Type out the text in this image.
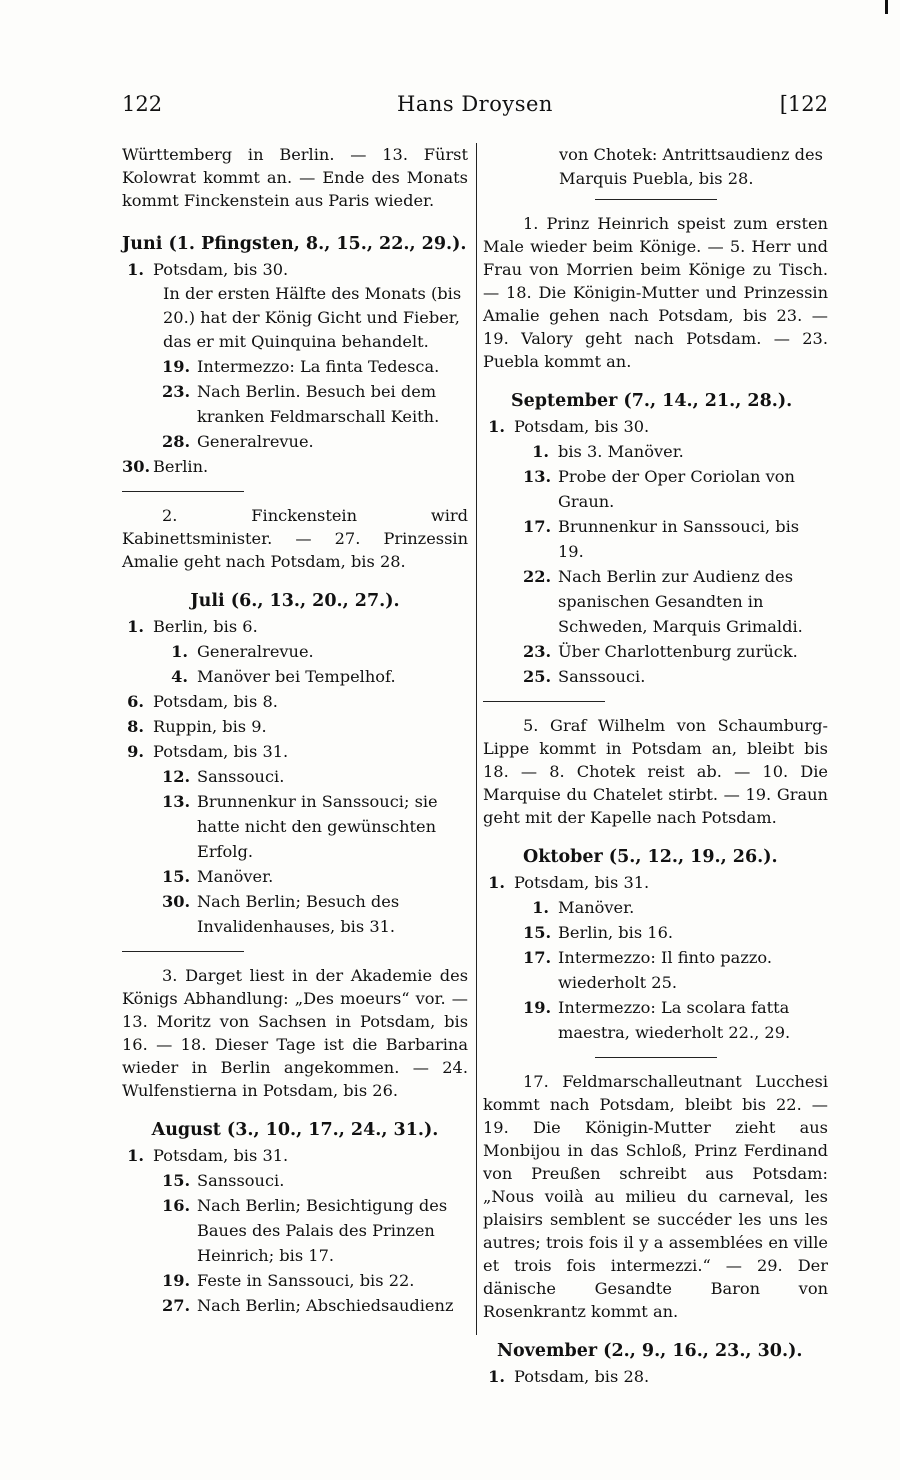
122	Hans Droysen	[122

Württemberg in Berlin. — 13. Fürst Kolowrat kommt an. — Ende des Monats kommt Finckenstein aus Paris wieder.

Juni (1. Pfingsten, 8., 15., 22., 29.).
1. Potsdam, bis 30.
In der ersten Hälfte des Monats (bis 20.) hat der König Gicht und Fieber, das er mit Quinquina behandelt.
19. Intermezzo: La finta Tedesca.
23. Nach Berlin. Besuch bei dem kranken Feldmarschall Keith.
28. Generalrevue.
30. Berlin.

2. Finckenstein wird Kabinettsminister. — 27. Prinzessin Amalie geht nach Potsdam, bis 28.

Juli (6., 13., 20., 27.).
1. Berlin, bis 6.
1. Generalrevue.
4. Manöver bei Tempelhof.
6. Potsdam, bis 8.
8. Ruppin, bis 9.
9. Potsdam, bis 31.
12. Sanssouci.
13. Brunnenkur in Sanssouci; sie hatte nicht den gewünschten Erfolg.
15. Manöver.
30. Nach Berlin; Besuch des Invalidenhauses, bis 31.

3. Darget liest in der Akademie des Königs Abhandlung: „Des moeurs“ vor. — 13. Moritz von Sachsen in Potsdam, bis 16. — 18. Dieser Tage ist die Barbarina wieder in Berlin angekommen. — 24. Wulfenstierna in Potsdam, bis 26.

August (3., 10., 17., 24., 31.).
1. Potsdam, bis 31.
15. Sanssouci.
16. Nach Berlin; Besichtigung des Baues des Palais des Prinzen Heinrich; bis 17.
19. Feste in Sanssouci, bis 22.
27. Nach Berlin; Abschiedsaudienz
von Chotek: Antrittsaudienz des Marquis Puebla, bis 28.

1. Prinz Heinrich speist zum ersten Male wieder beim Könige. — 5. Herr und Frau von Morrien beim Könige zu Tisch. — 18. Die Königin-Mutter und Prinzessin Amalie gehen nach Potsdam, bis 23. — 19. Valory geht nach Potsdam. — 23. Puebla kommt an.

September (7., 14., 21., 28.).
1. Potsdam, bis 30.
1. bis 3. Manöver.
13. Probe der Oper Coriolan von Graun.
17. Brunnenkur in Sanssouci, bis 19.
22. Nach Berlin zur Audienz des spanischen Gesandten in Schweden, Marquis Grimaldi.
23. Über Charlottenburg zurück.
25. Sanssouci.

5. Graf Wilhelm von Schaumburg-Lippe kommt in Potsdam an, bleibt bis 18. — 8. Chotek reist ab. — 10. Die Marquise du Chatelet stirbt. — 19. Graun geht mit der Kapelle nach Potsdam.

Oktober (5., 12., 19., 26.).
1. Potsdam, bis 31.
1. Manöver.
15. Berlin, bis 16.
17. Intermezzo: Il finto pazzo. wiederholt 25.
19. Intermezzo: La scolara fatta maestra, wiederholt 22., 29.

17. Feldmarschalleutnant Lucchesi kommt nach Potsdam, bleibt bis 22. — 19. Die Königin-Mutter zieht aus Monbijou in das Schloß, Prinz Ferdinand von Preußen schreibt aus Potsdam: „Nous voilà au milieu du carneval, les plaisirs semblent se succéder les uns les autres; trois fois il y a assemblées en ville et trois fois intermezzi.“ — 29. Der dänische Gesandte Baron von Rosenkrantz kommt an.

November (2., 9., 16., 23., 30.).
1. Potsdam, bis 28.
